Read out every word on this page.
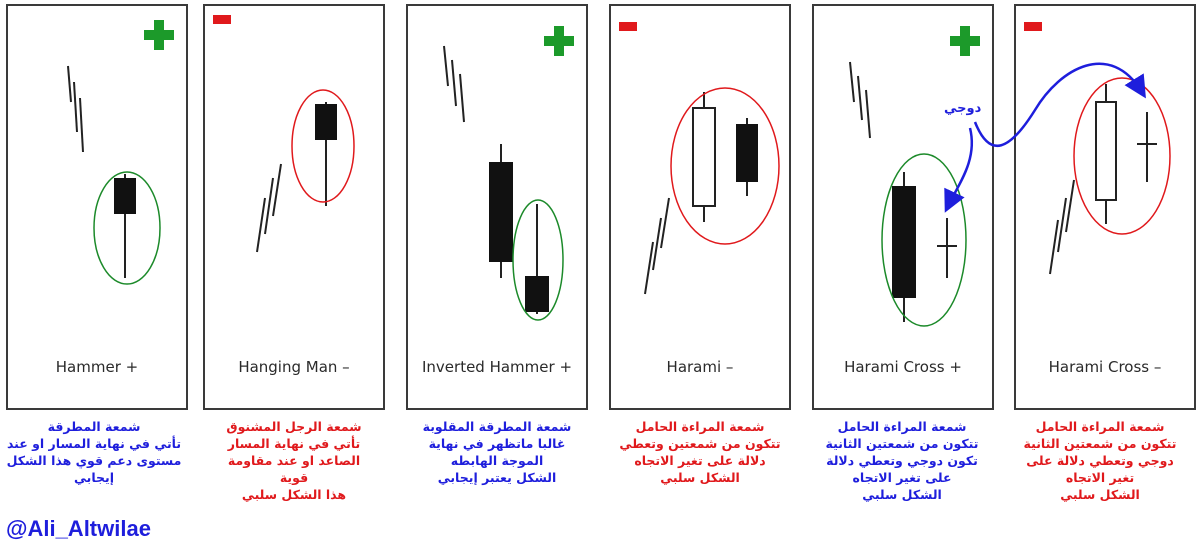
Hammer +	Hanging Man –	Inverted Hammer +	Harami –	Harami Cross +	Harami Cross –
دوجي
شمعة المطرقة
تأتي في نهاية المسار او عند
مستوى دعم قوي هذا الشكل
إيجابي
شمعة الرجل المشنوق
تأتي في نهاية المسار
الصاعد او عند مقاومة
قوية
هذا الشكل سلبي
شمعة المطرقة المقلوبة
غالبا ماتظهر في نهاية
الموجة الهابطه
الشكل يعتبر إيجابي
شمعة المراءة الحامل
تتكون من شمعتين وتعطي
دلالة على تغير الاتجاه
الشكل سلبي
شمعة المراءة الحامل
تتكون من شمعتين الثانية
تكون دوجي وتعطي دلالة
على تغير الاتجاه
الشكل سلبي
شمعة المراءة الحامل
تتكون من شمعتين الثانية
دوجي وتعطي دلالة على
تغير الاتجاه
الشكل سلبي
@Ali_Altwilae
